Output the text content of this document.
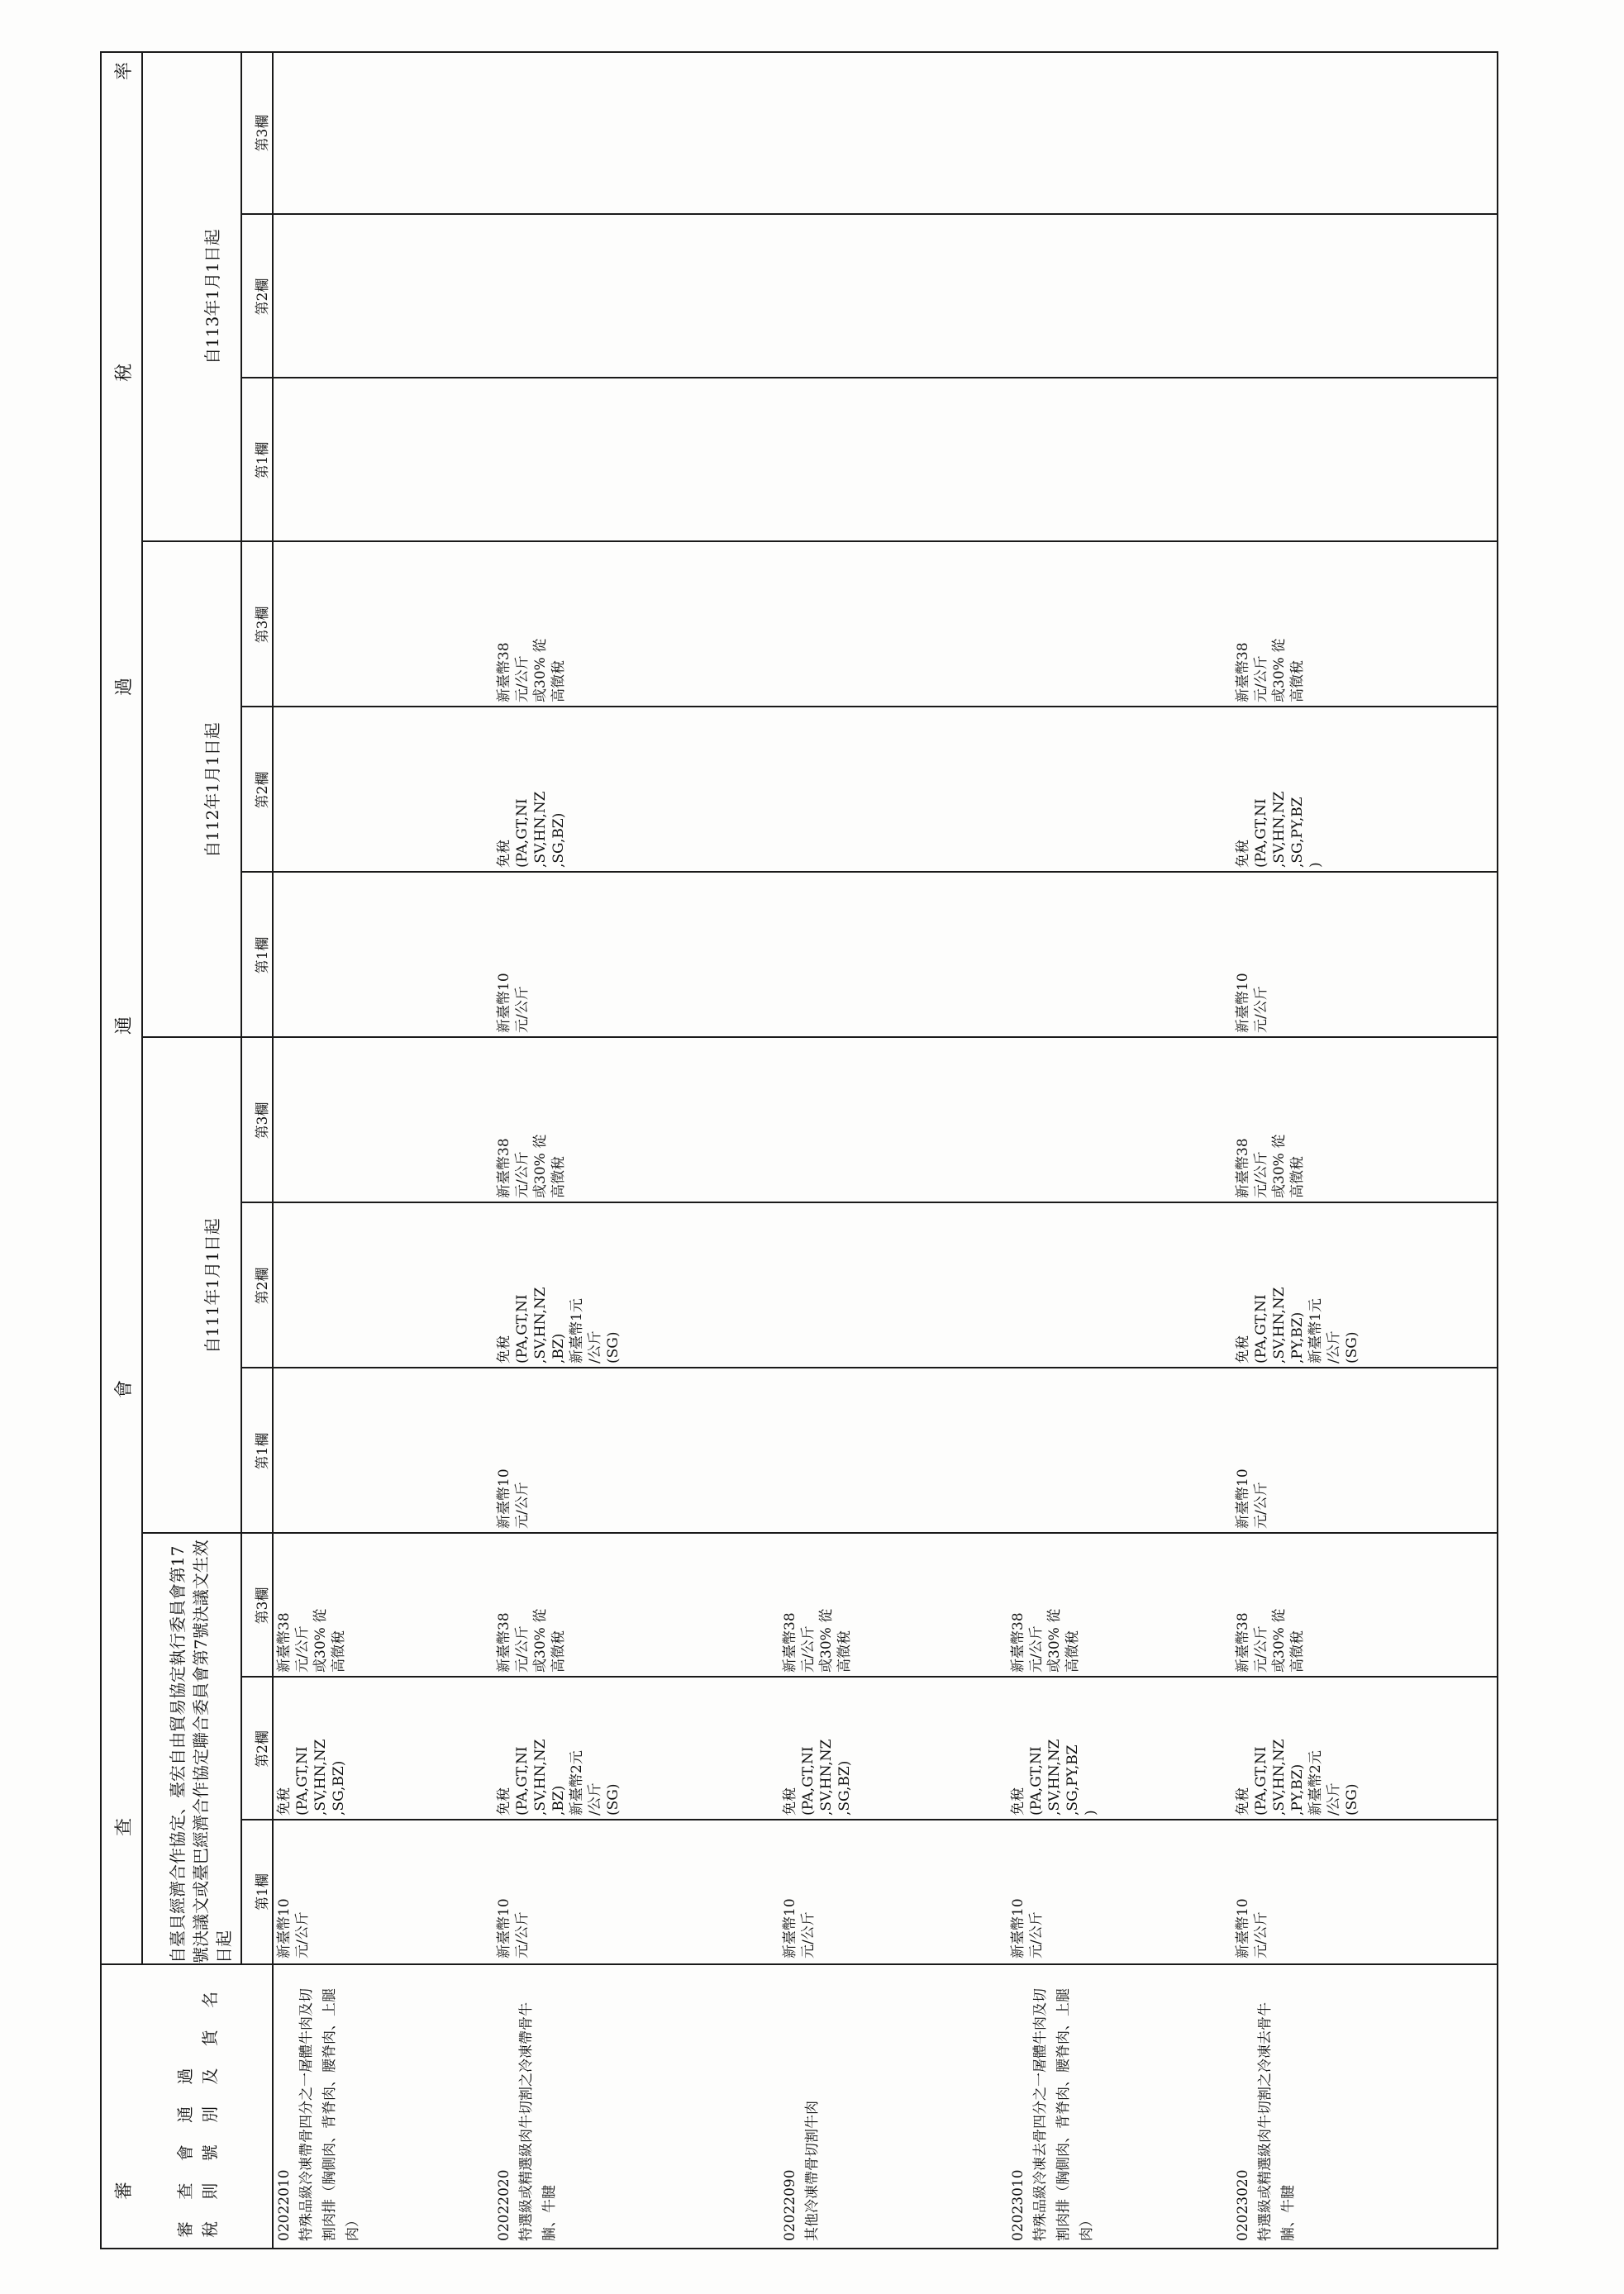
審
查
會
通
過
稅
率
審 查 會 通 過 稅 則 號 別 及 貨 名
自臺貝經濟合作協定、臺宏自由貿易協定執行委員會第17號決議文或臺巴經濟合作協定聯合委員會第7號決議文生效日起
自111年1月1日起
自112年1月1日起
自113年1月1日起
第1欄
第2欄
第3欄
第1欄
第2欄
第3欄
第1欄
第2欄
第3欄
第1欄
第2欄
第3欄
02022010 特殊品級冷凍帶骨四分之一屠體牛肉及切割肉排（胸側肉、背脊肉、腰脊肉、上腿肉）
新臺幣10
元/公斤
免稅
(PA,GT,NI
,SV,HN,NZ
,SG,BZ)
新臺幣38
元/公斤
或30% 從
高徵稅
02022020 特選級或精選級肉牛切割之冷凍帶骨牛腩、牛腱
新臺幣10
元/公斤
免稅
(PA,GT,NI
,SV,HN,NZ
,BZ)
新臺幣2元
/公斤
(SG)
新臺幣38
元/公斤
或30% 從
高徵稅
新臺幣10
元/公斤
免稅
(PA,GT,NI
,SV,HN,NZ
,BZ)
新臺幣1元
/公斤
(SG)
新臺幣38
元/公斤
或30% 從
高徵稅
新臺幣10
元/公斤
免稅
(PA,GT,NI
,SV,HN,NZ
,SG,BZ)
新臺幣38
元/公斤
或30% 從
高徵稅
02022090 其他冷凍帶骨切割牛肉
新臺幣10
元/公斤
免稅
(PA,GT,NI
,SV,HN,NZ
,SG,BZ)
新臺幣38
元/公斤
或30% 從
高徵稅
02023010 特殊品級冷凍去骨四分之一屠體牛肉及切割肉排（胸側肉、背脊肉、腰脊肉、上腿肉）
新臺幣10
元/公斤
免稅
(PA,GT,NI
,SV,HN,NZ
,SG,PY,BZ
)
新臺幣38
元/公斤
或30% 從
高徵稅
02023020 特選級或精選級肉牛切割之冷凍去骨牛腩、牛腱
新臺幣10
元/公斤
免稅
(PA,GT,NI
,SV,HN,NZ
,PY,BZ)
新臺幣2元
/公斤
(SG)
新臺幣38
元/公斤
或30% 從
高徵稅
新臺幣10
元/公斤
免稅
(PA,GT,NI
,SV,HN,NZ
,PY,BZ)
新臺幣1元
/公斤
(SG)
新臺幣38
元/公斤
或30% 從
高徵稅
新臺幣10
元/公斤
免稅
(PA,GT,NI
,SV,HN,NZ
,SG,PY,BZ
)
新臺幣38
元/公斤
或30% 從
高徵稅
